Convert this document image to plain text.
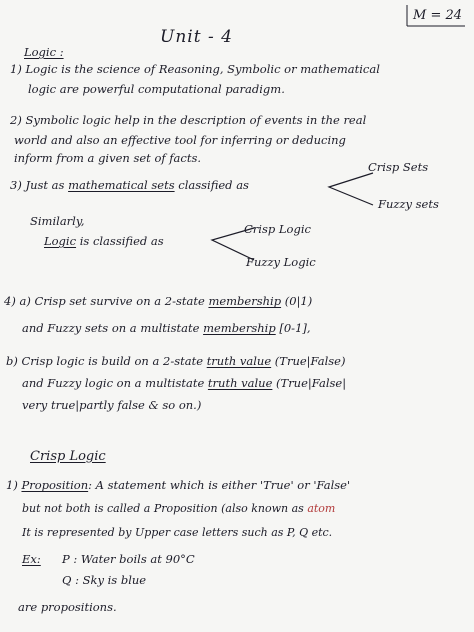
Unit - 4
M = 24
Logic :
1) Logic is the science of Reasoning, Symbolic or mathematical
logic are powerful computational paradigm.
2) Symbolic logic help in the description of events in the real
world and also an effective tool for inferring or deducing
inform from a given set of facts.
3) Just as mathematical sets classified as
Crisp Sets
Fuzzy sets
Similarly,
Logic is classified as
Crisp Logic
Fuzzy Logic
4) a) Crisp set survive on a 2-state membership (0|1)
and Fuzzy sets on a multistate membership [0-1],
b) Crisp logic is build on a 2-state truth value (True|False)
and Fuzzy logic on a multistate truth value (True|False|
very true|partly false & so on.)
Crisp Logic
1) Proposition: A statement which is either 'True' or 'False'
but not both is called a Proposition (also known as atom
It is represented by Upper case letters such as P, Q etc.
Ex: P : Water boils at 90°C
Q : Sky is blue
are propositions.
